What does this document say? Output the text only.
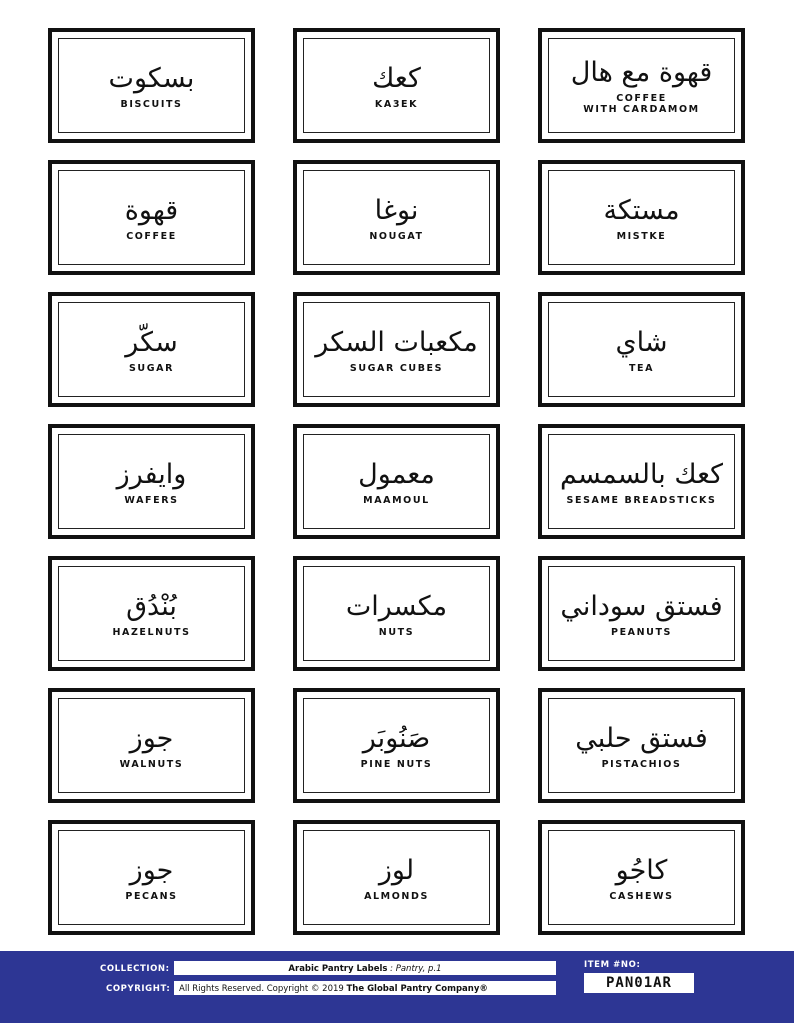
بسكوت
BISCUITS
كعك
KA3EK
قهوة مع هال
COFFEE
WITH CARDAMOM
قهوة
COFFEE
نوغا
NOUGAT
مستكة
MISTKE
سكّر
SUGAR
مكعبات السكر
SUGAR CUBES
شاي
TEA
وايفرز
WAFERS
معمول
MAAMOUL
كعك بالسمسم
SESAME BREADSTICKS
بُنْدُق
HAZELNUTS
مكسرات
NUTS
فستق سوداني
PEANUTS
جوز
WALNUTS
صَنُوبَر
PINE NUTS
فستق حلبي
PISTACHIOS
جوز
PECANS
لوز
ALMONDS
كاجُو
CASHEWS
COLLECTION:	Arabic Pantry Labels : Pantry, p.1
COPYRIGHT:	All Rights Reserved. Copyright © 2019 The Global Pantry Company®
ITEM #NO:
PAN01AR
